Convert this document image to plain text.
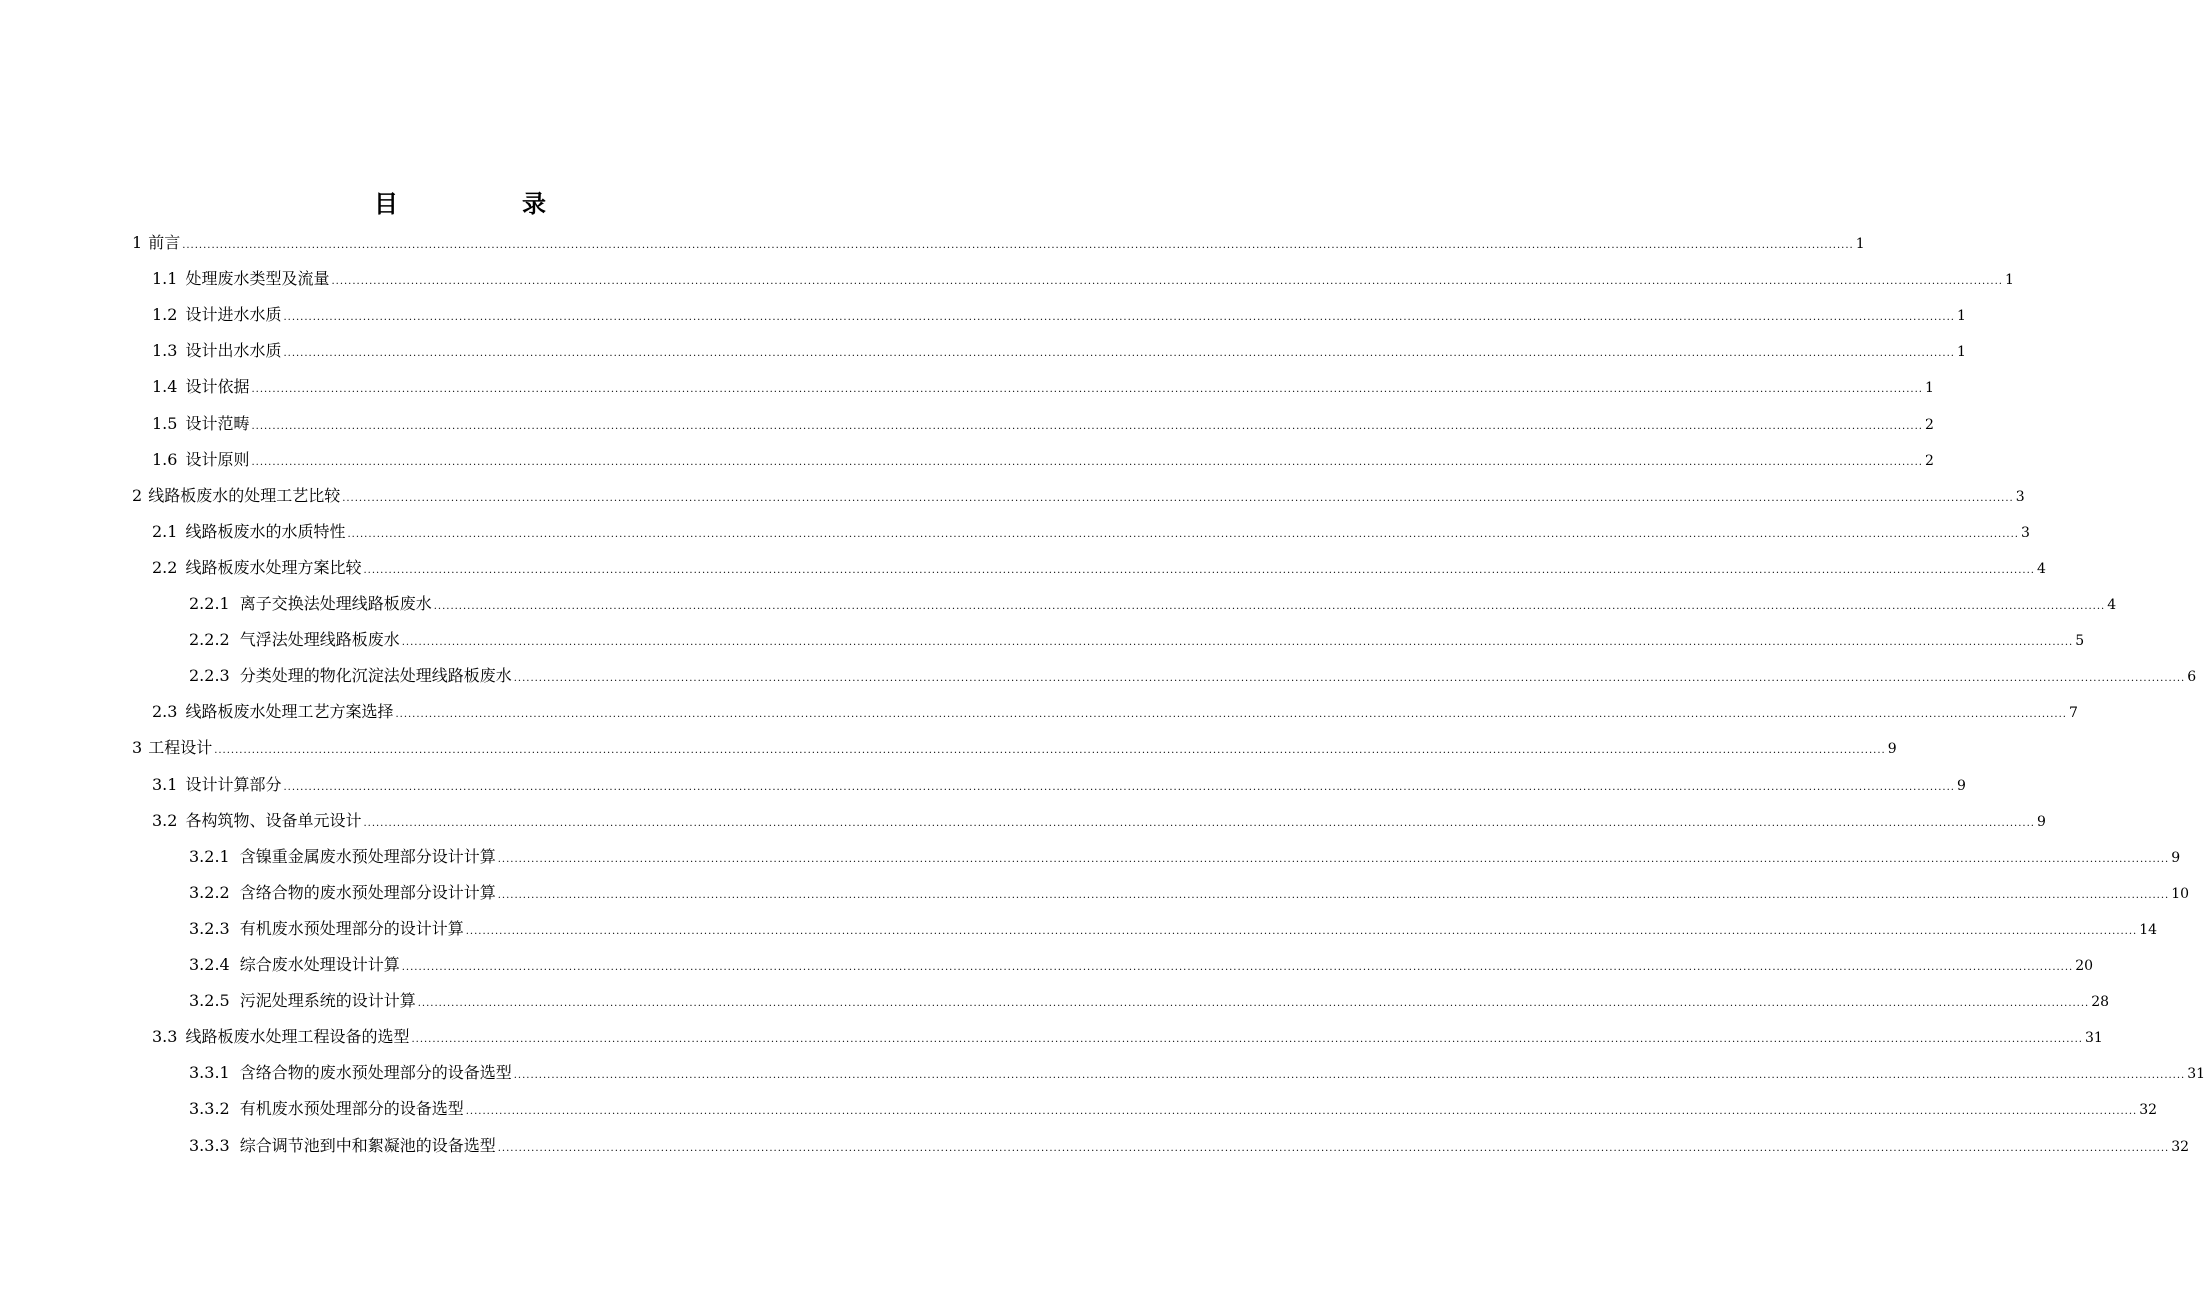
目　录
1 前言 ................................................................................................................................................................................................................................................................................................................................................................................................................ 1
1.1 处理废水类型及流量 ................................................................................................................................................................................................................................................................................................................................................................................................................ 1
1.2 设计进水水质 ................................................................................................................................................................................................................................................................................................................................................................................................................ 1
1.3 设计出水水质 ................................................................................................................................................................................................................................................................................................................................................................................................................ 1
1.4 设计依据 ................................................................................................................................................................................................................................................................................................................................................................................................................ 1
1.5 设计范畴 ................................................................................................................................................................................................................................................................................................................................................................................................................ 2
1.6 设计原则 ................................................................................................................................................................................................................................................................................................................................................................................................................ 2
2 线路板废水的处理工艺比较 ................................................................................................................................................................................................................................................................................................................................................................................................................ 3
2.1 线路板废水的水质特性 ................................................................................................................................................................................................................................................................................................................................................................................................................ 3
2.2 线路板废水处理方案比较 ................................................................................................................................................................................................................................................................................................................................................................................................................ 4
2.2.1 离子交换法处理线路板废水 ................................................................................................................................................................................................................................................................................................................................................................................................................ 4
2.2.2 气浮法处理线路板废水 ................................................................................................................................................................................................................................................................................................................................................................................................................ 5
2.2.3 分类处理的物化沉淀法处理线路板废水 ................................................................................................................................................................................................................................................................................................................................................................................................................ 6
2.3 线路板废水处理工艺方案选择 ................................................................................................................................................................................................................................................................................................................................................................................................................ 7
3 工程设计 ................................................................................................................................................................................................................................................................................................................................................................................................................ 9
3.1 设计计算部分 ................................................................................................................................................................................................................................................................................................................................................................................................................ 9
3.2 各构筑物、设备单元设计 ................................................................................................................................................................................................................................................................................................................................................................................................................ 9
3.2.1 含镍重金属废水预处理部分设计计算 ................................................................................................................................................................................................................................................................................................................................................................................................................ 9
3.2.2 含络合物的废水预处理部分设计计算 ................................................................................................................................................................................................................................................................................................................................................................................................................ 10
3.2.3 有机废水预处理部分的设计计算 ................................................................................................................................................................................................................................................................................................................................................................................................................ 14
3.2.4 综合废水处理设计计算 ................................................................................................................................................................................................................................................................................................................................................................................................................ 20
3.2.5 污泥处理系统的设计计算 ................................................................................................................................................................................................................................................................................................................................................................................................................ 28
3.3 线路板废水处理工程设备的选型 ................................................................................................................................................................................................................................................................................................................................................................................................................ 31
3.3.1 含络合物的废水预处理部分的设备选型 ................................................................................................................................................................................................................................................................................................................................................................................................................ 31
3.3.2 有机废水预处理部分的设备选型 ................................................................................................................................................................................................................................................................................................................................................................................................................ 32
3.3.3 综合调节池到中和絮凝池的设备选型 ................................................................................................................................................................................................................................................................................................................................................................................................................ 32
